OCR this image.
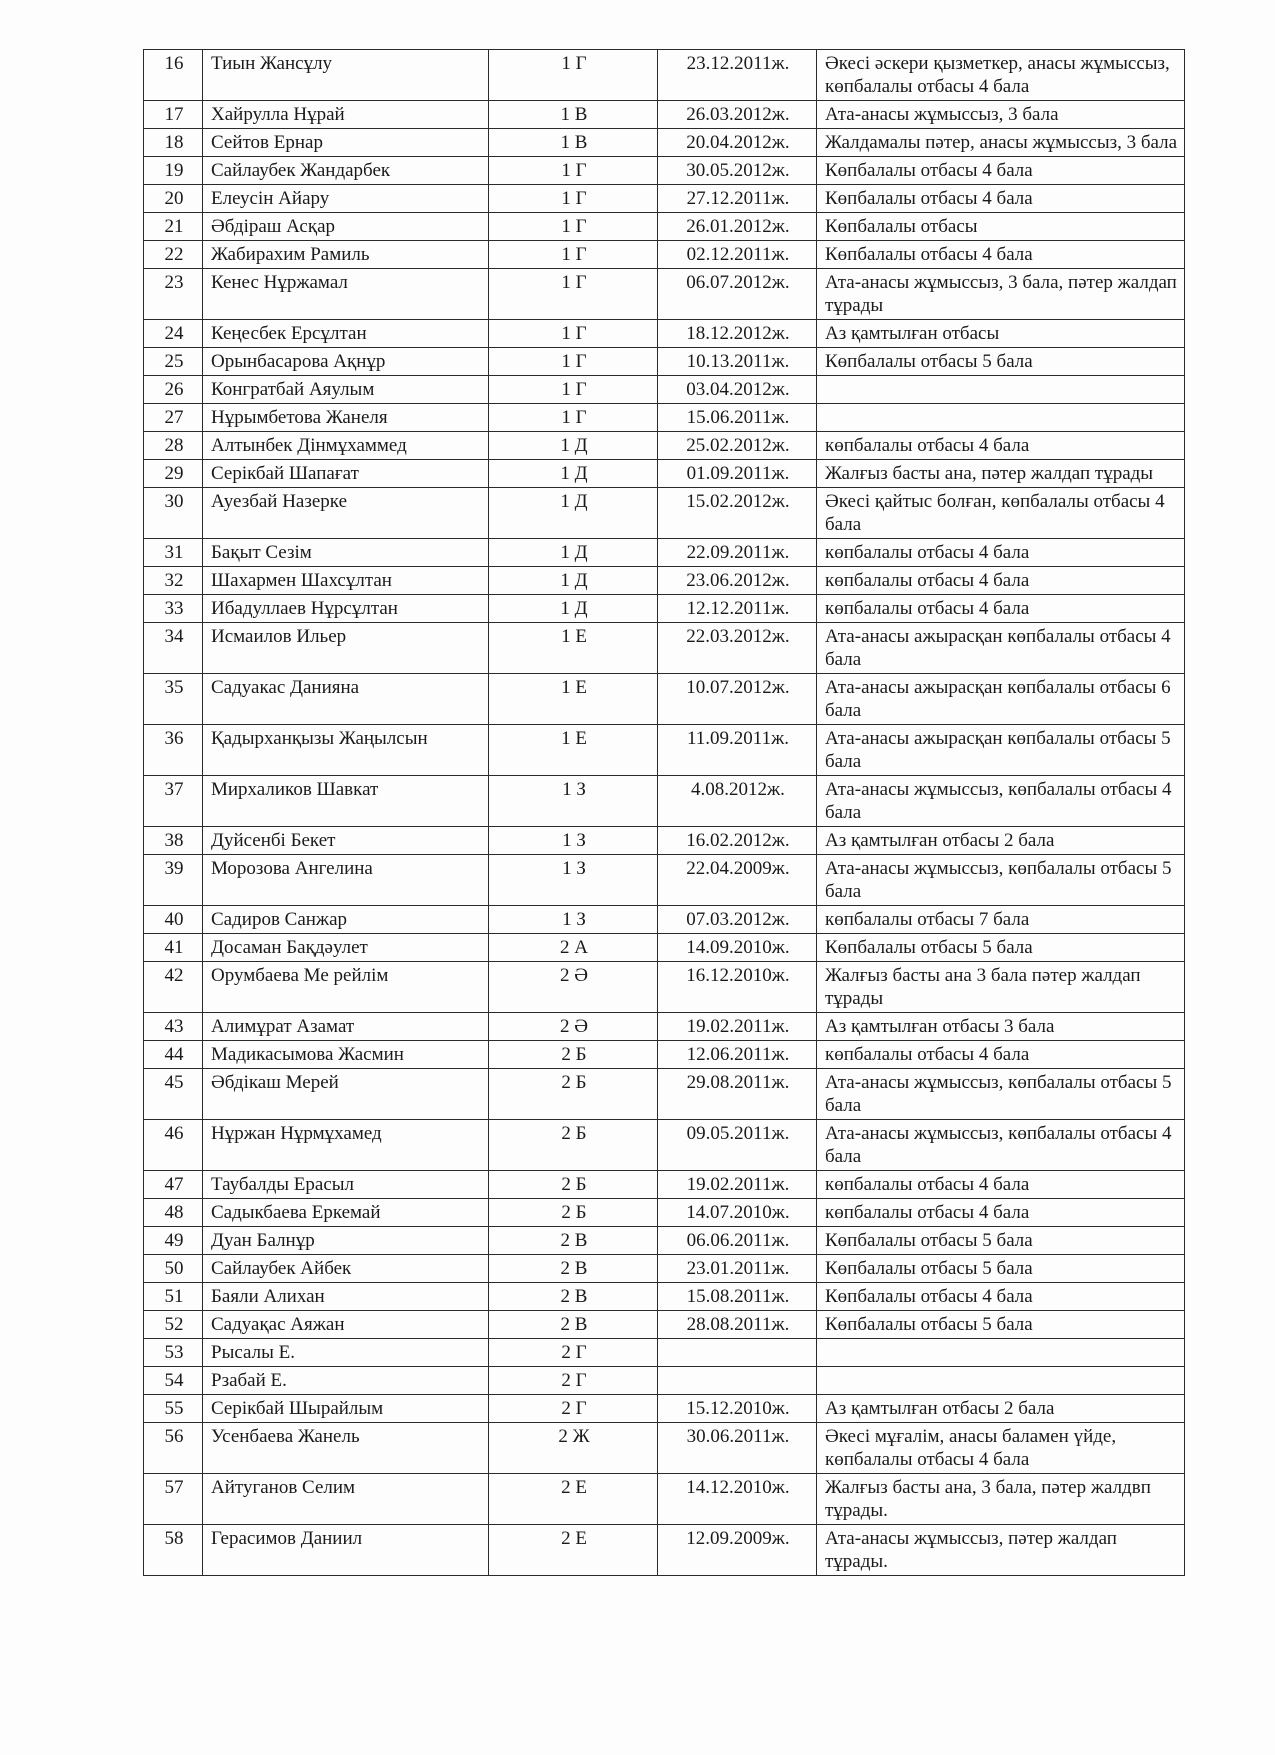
16	Тиын Жансұлу	1 Г	23.12.2011ж.	Әкесі әскери қызметкер, анасы жұмыссыз, көпбалалы отбасы 4 бала
17	Хайрулла Нұрай	1 В	26.03.2012ж.	Ата-анасы жұмыссыз, 3 бала
18	Сейтов Ернар	1 В	20.04.2012ж.	Жалдамалы пәтер, анасы жұмыссыз, 3 бала
19	Сайлаубек Жандарбек	1 Г	30.05.2012ж.	Көпбалалы отбасы 4 бала
20	Елеусін Айару	1 Г	27.12.2011ж.	Көпбалалы отбасы 4 бала
21	Әбдіраш Асқар	1 Г	26.01.2012ж.	Көпбалалы отбасы
22	Жабирахим Рамиль	1 Г	02.12.2011ж.	Көпбалалы отбасы 4 бала
23	Кенес Нұржамал	1 Г	06.07.2012ж.	Ата-анасы жұмыссыз, 3 бала, пәтер жалдап тұрады
24	Кеңесбек Ерсұлтан	1 Г	18.12.2012ж.	Аз қамтылған отбасы
25	Орынбасарова Ақнұр	1 Г	10.13.2011ж.	Көпбалалы отбасы 5 бала
26	Конгратбай Аяулым	1 Г	03.04.2012ж.	
27	Нұрымбетова Жанеля	1 Г	15.06.2011ж.	
28	Алтынбек Дінмұхаммед	1 Д	25.02.2012ж.	көпбалалы отбасы 4 бала
29	Серікбай Шапағат	1 Д	01.09.2011ж.	Жалғыз басты ана, пәтер жалдап тұрады
30	Ауезбай Назерке	1 Д	15.02.2012ж.	Әкесі қайтыс болған, көпбалалы отбасы 4 бала
31	Бақыт Сезім	1 Д	22.09.2011ж.	көпбалалы отбасы 4 бала
32	Шахармен Шахсұлтан	1 Д	23.06.2012ж.	көпбалалы отбасы 4 бала
33	Ибадуллаев Нұрсұлтан	1 Д	12.12.2011ж.	көпбалалы отбасы 4 бала
34	Исмаилов Ильер	1 Е	22.03.2012ж.	Ата-анасы ажырасқан көпбалалы отбасы 4 бала
35	Садуакас Данияна	1 Е	10.07.2012ж.	Ата-анасы ажырасқан көпбалалы отбасы 6 бала
36	Қадырханқызы Жаңылсын	1 Е	11.09.2011ж.	Ата-анасы ажырасқан көпбалалы отбасы 5 бала
37	Мирхаликов Шавкат	1 З	4.08.2012ж.	Ата-анасы жұмыссыз, көпбалалы отбасы 4 бала
38	Дуйсенбі Бекет	1 З	16.02.2012ж.	Аз қамтылған отбасы 2 бала
39	Морозова Ангелина	1 З	22.04.2009ж.	Ата-анасы жұмыссыз, көпбалалы отбасы 5 бала
40	Садиров Санжар	1 З	07.03.2012ж.	көпбалалы отбасы 7 бала
41	Досаман Бақдәулет	2 А	14.09.2010ж.	Көпбалалы отбасы 5 бала
42	Орумбаева Ме рейлім	2 Ә	16.12.2010ж.	Жалғыз басты ана 3 бала пәтер жалдап тұрады
43	Алимұрат Азамат	2 Ә	19.02.2011ж.	Аз қамтылған отбасы 3 бала
44	Мадикасымова Жасмин	2 Б	12.06.2011ж.	көпбалалы отбасы 4 бала
45	Әбдікаш Мерей	2 Б	29.08.2011ж.	Ата-анасы жұмыссыз, көпбалалы отбасы 5 бала
46	Нұржан Нұрмұхамед	2 Б	09.05.2011ж.	Ата-анасы жұмыссыз, көпбалалы отбасы 4 бала
47	Таубалды Ерасыл	2 Б	19.02.2011ж.	көпбалалы отбасы 4 бала
48	Садыкбаева Еркемай	2 Б	14.07.2010ж.	көпбалалы отбасы 4 бала
49	Дуан Балнұр	2 В	06.06.2011ж.	Көпбалалы отбасы 5 бала
50	Сайлаубек Айбек	2 В	23.01.2011ж.	Көпбалалы отбасы 5 бала
51	Баяли Алихан	2 В	15.08.2011ж.	Көпбалалы отбасы 4 бала
52	Садуақас Аяжан	2 В	28.08.2011ж.	Көпбалалы отбасы 5 бала
53	Рысалы Е.	2 Г		
54	Рзабай Е.	2 Г		
55	Серікбай Шырайлым	2 Г	15.12.2010ж.	Аз қамтылған отбасы 2 бала
56	Усенбаева Жанель	2 Ж	30.06.2011ж.	Әкесі мұғалім, анасы баламен үйде, көпбалалы отбасы 4 бала
57	Айтуганов Селим	2 Е	14.12.2010ж.	Жалғыз басты ана, 3 бала, пәтер жалдвп тұрады.
58	Герасимов Даниил	2 Е	12.09.2009ж.	Ата-анасы жұмыссыз, пәтер жалдап тұрады.
